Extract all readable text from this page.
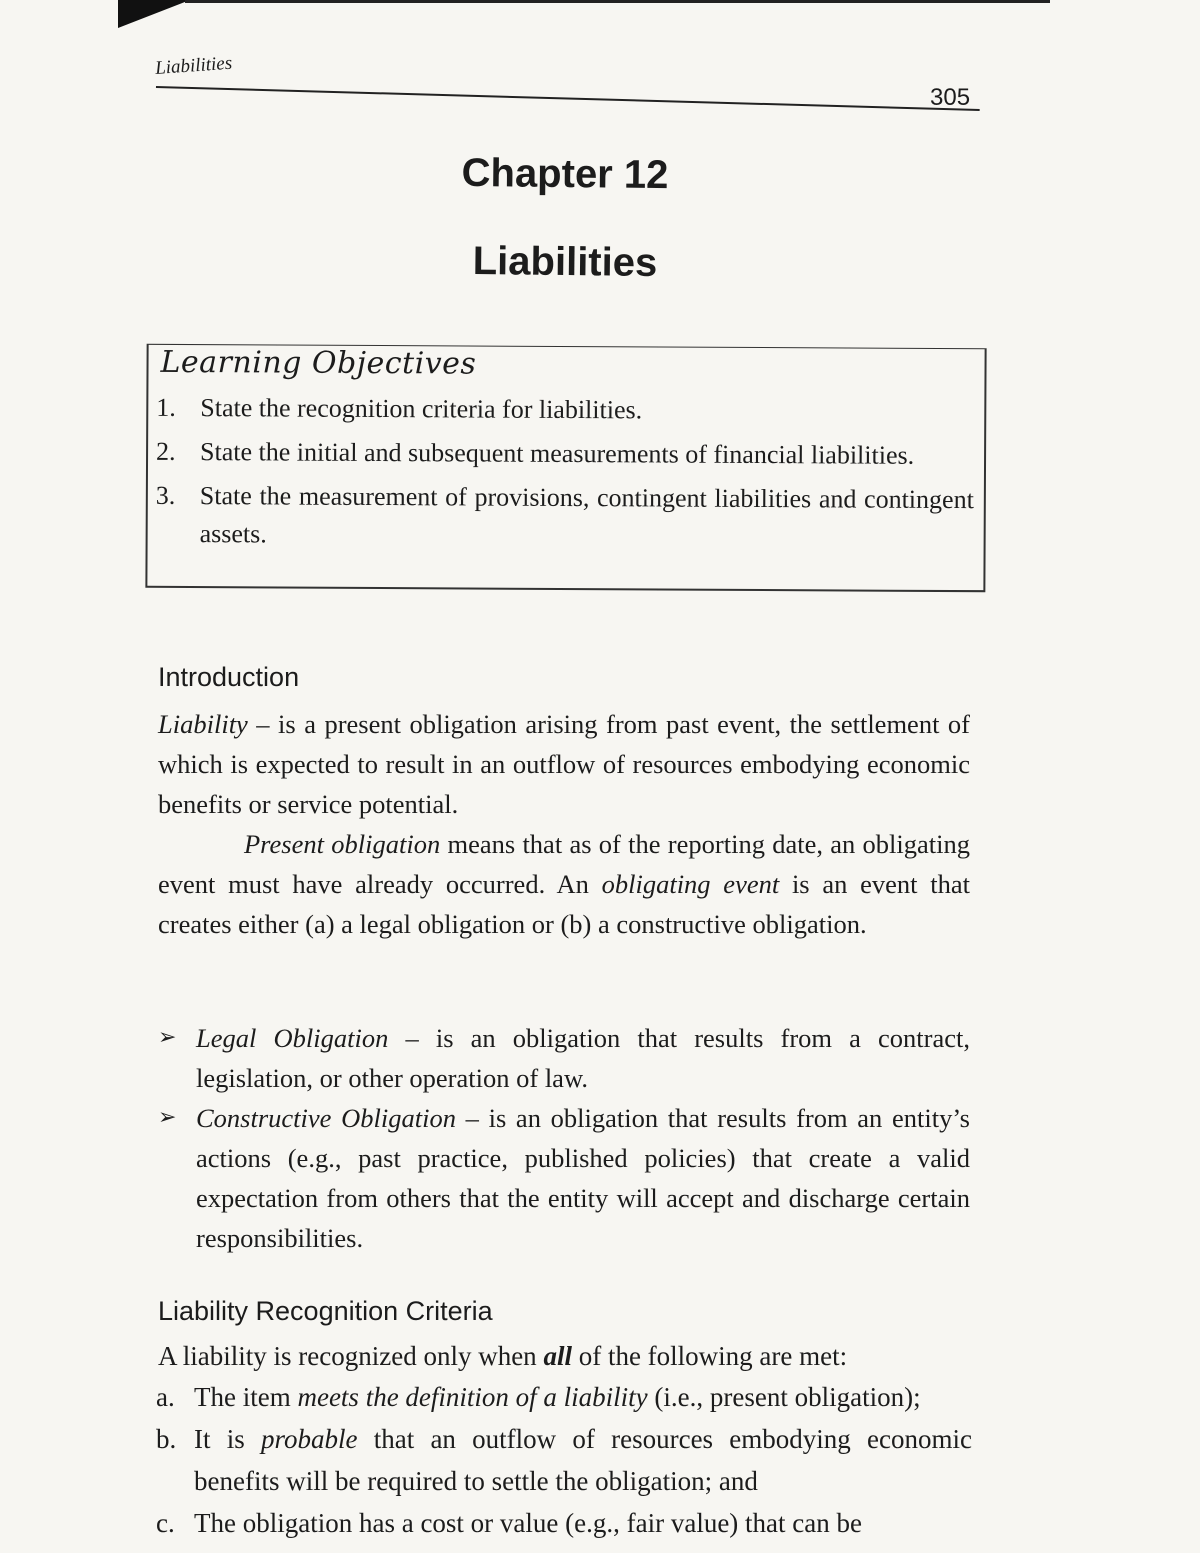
Liabilities
305
Chapter 12
Liabilities
Learning Objectives
1. State the recognition criteria for liabilities.
2. State the initial and subsequent measurements of financial liabilities.
3. State the measurement of provisions, contingent liabilities and contingent assets.
Introduction

Liability – is a present obligation arising from past event, the settlement of which is expected to result in an outflow of resources embodying economic benefits or service potential.

Present obligation means that as of the reporting date, an obligating event must have already occurred. An obligating event is an event that creates either (a) a legal obligation or (b) a constructive obligation.

➢ Legal Obligation – is an obligation that results from a contract, legislation, or other operation of law.
➢ Constructive Obligation – is an obligation that results from an entity’s actions (e.g., past practice, published policies) that create a valid expectation from others that the entity will accept and discharge certain responsibilities.
Liability Recognition Criteria

A liability is recognized only when all of the following are met:

a. The item meets the definition of a liability (i.e., present obligation);
b. It is probable that an outflow of resources embodying economic benefits will be required to settle the obligation; and
c. The obligation has a cost or value (e.g., fair value) that can be
